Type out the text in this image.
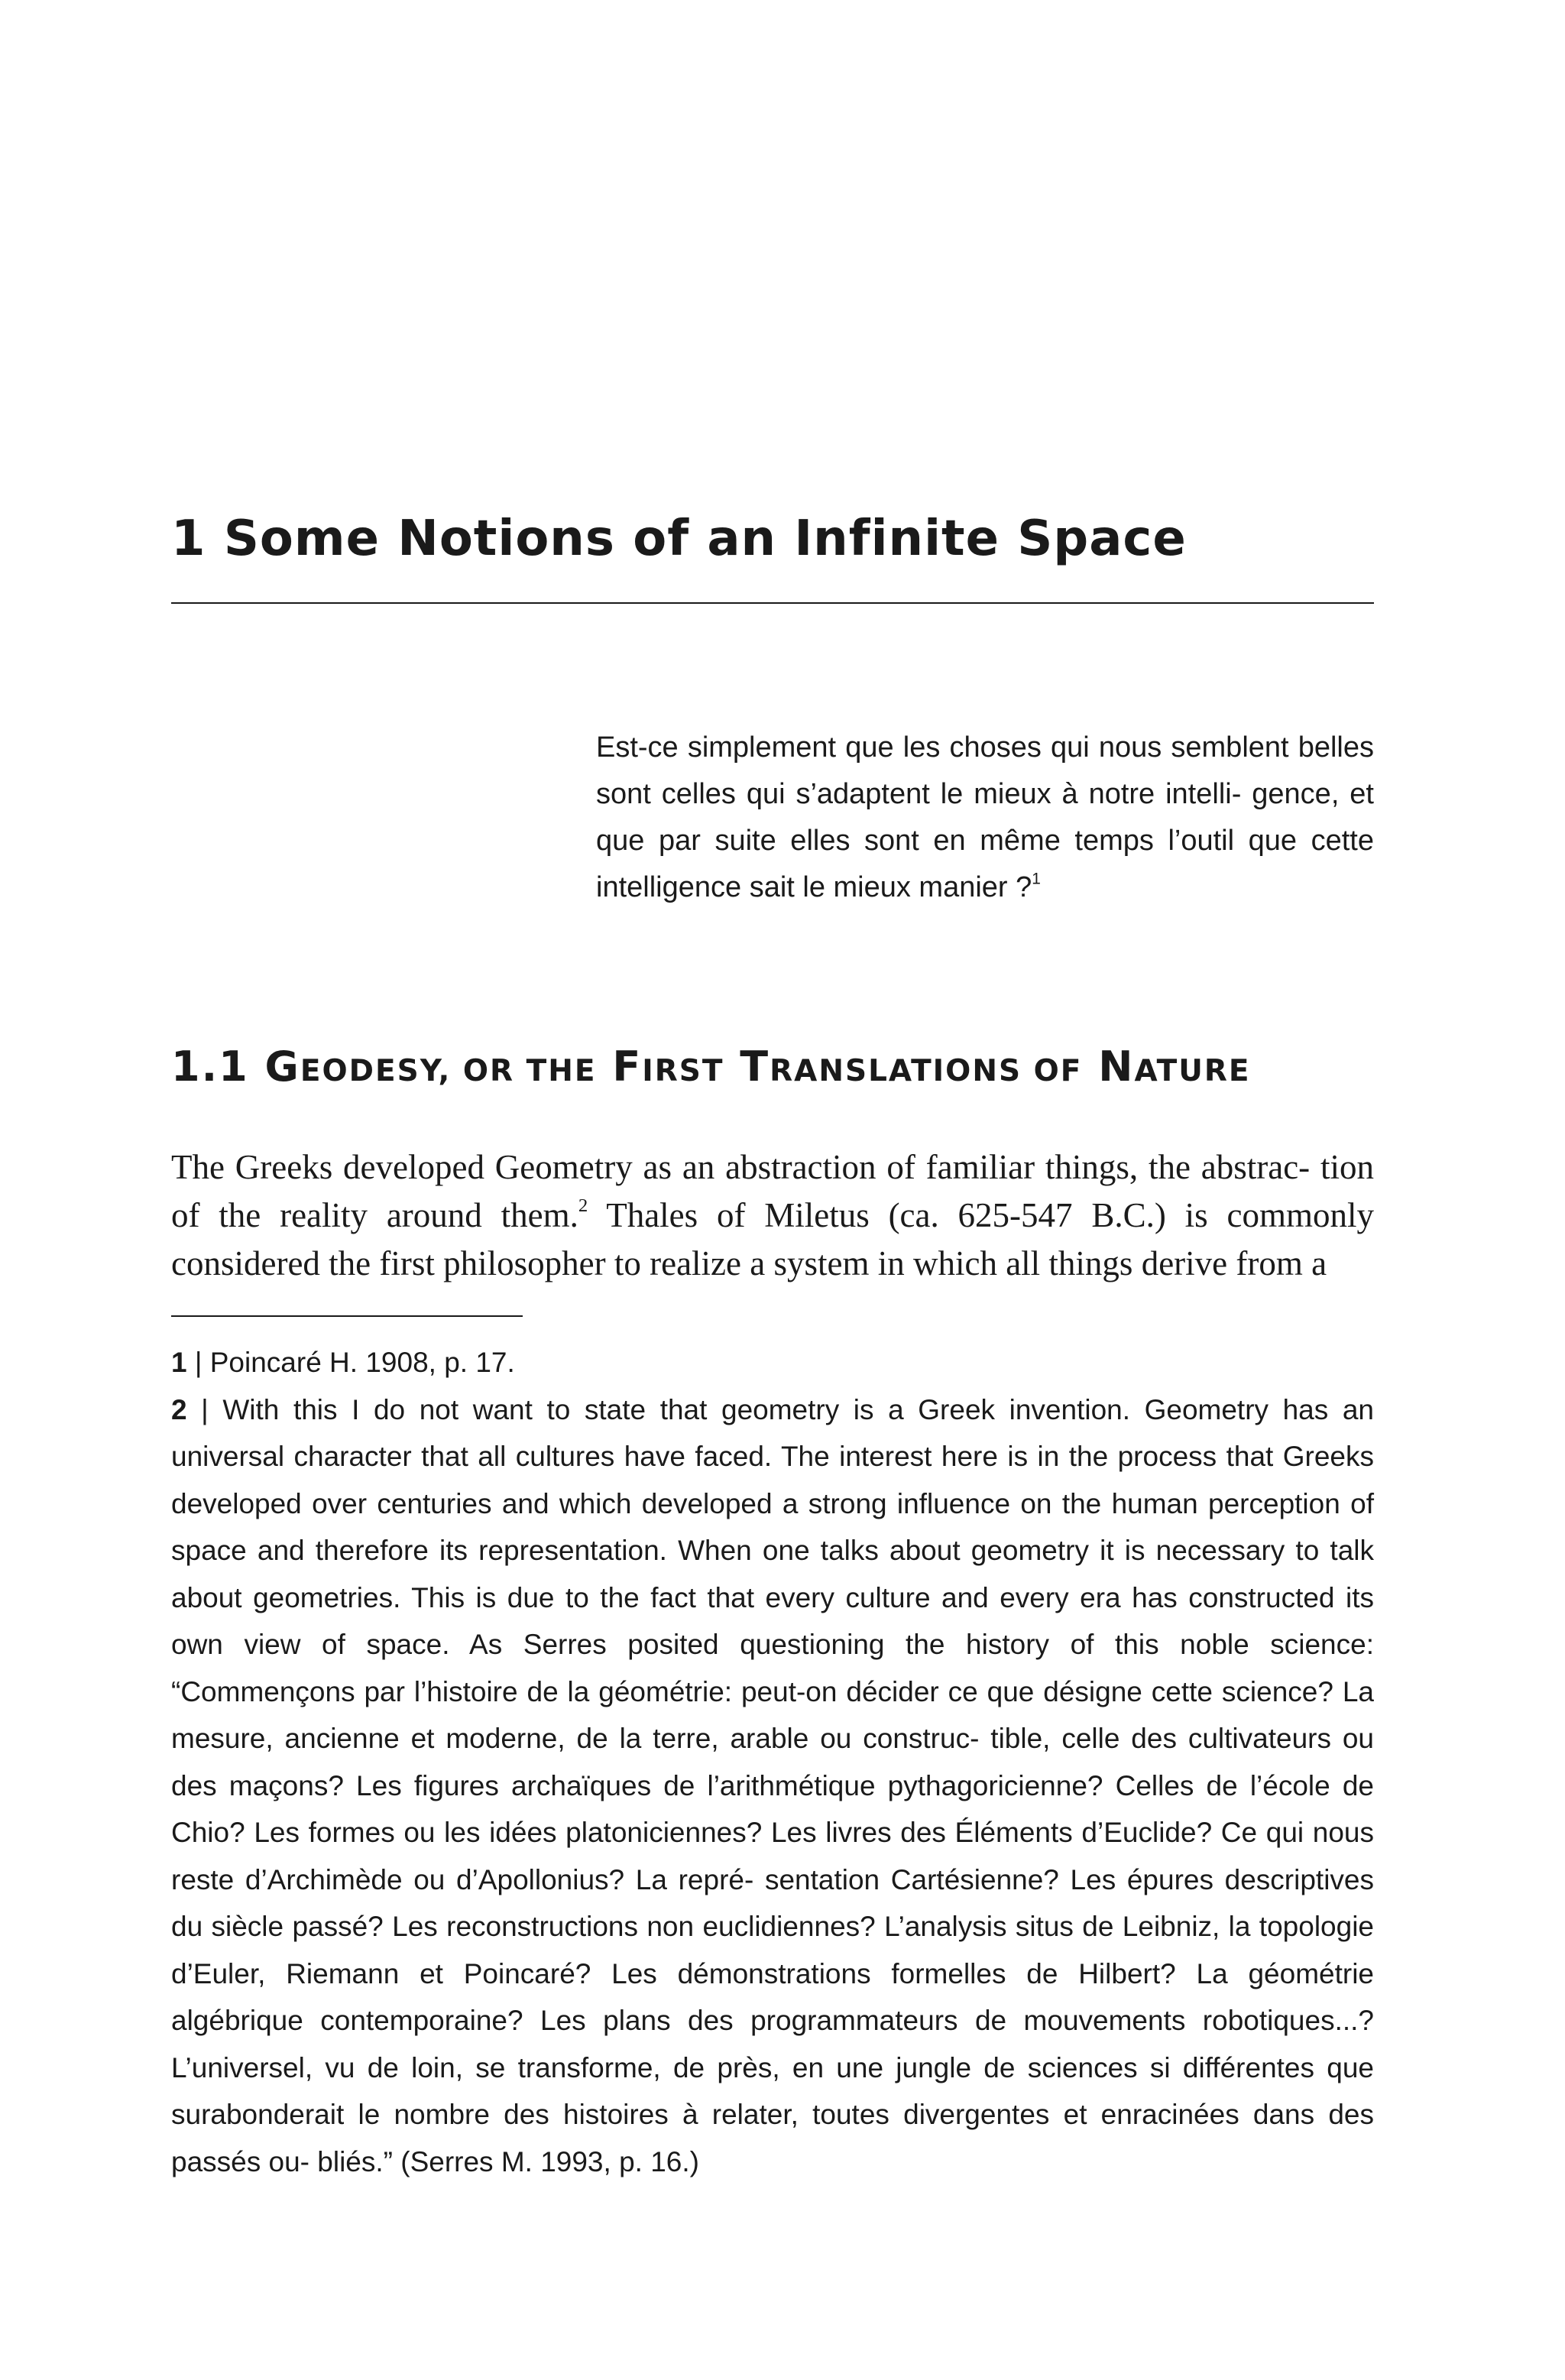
1 Some Notions of an Infinite Space

Est-ce simplement que les choses qui nous semblent belles sont celles qui s’adaptent le mieux à notre intelli- gence, et que par suite elles sont en même temps l’outil que cette intelligence sait le mieux manier ?$^1$

1.1 GEODESY, OR THE FIRST TRANSLATIONS OF NATURE

The Greeks developed Geometry as an abstraction of familiar things, the abstrac- tion of the reality around them.$^2$ Thales of Miletus (ca. 625-547 B.C.) is commonly considered the first philosopher to realize a system in which all things derive from a

1 | Poincaré H. 1908, p. 17.

2 | With this I do not want to state that geometry is a Greek invention. Geometry has an universal character that all cultures have faced. The interest here is in the process that Greeks developed over centuries and which developed a strong influence on the human perception of space and therefore its representation. When one talks about geometry it is necessary to talk about geometries. This is due to the fact that every culture and every era has constructed its own view of space. As Serres posited questioning the history of this noble science: “Commençons par l’histoire de la géométrie: peut-on décider ce que désigne cette science? La mesure, ancienne et moderne, de la terre, arable ou construc- tible, celle des cultivateurs ou des maçons? Les figures archaïques de l’arithmétique pythagoricienne? Celles de l’école de Chio? Les formes ou les idées platoniciennes? Les livres des Éléments d’Euclide? Ce qui nous reste d’Archimède ou d’Apollonius? La repré- sentation Cartésienne? Les épures descriptives du siècle passé? Les reconstructions non euclidiennes? L’analysis situs de Leibniz, la topologie d’Euler, Riemann et Poincaré? Les démonstrations formelles de Hilbert? La géométrie algébrique contemporaine? Les plans des programmateurs de mouvements robotiques...? L’universel, vu de loin, se transforme, de près, en une jungle de sciences si différentes que surabonderait le nombre des histoires à relater, toutes divergentes et enracinées dans des passés ou- bliés.” (Serres M. 1993, p. 16.)
